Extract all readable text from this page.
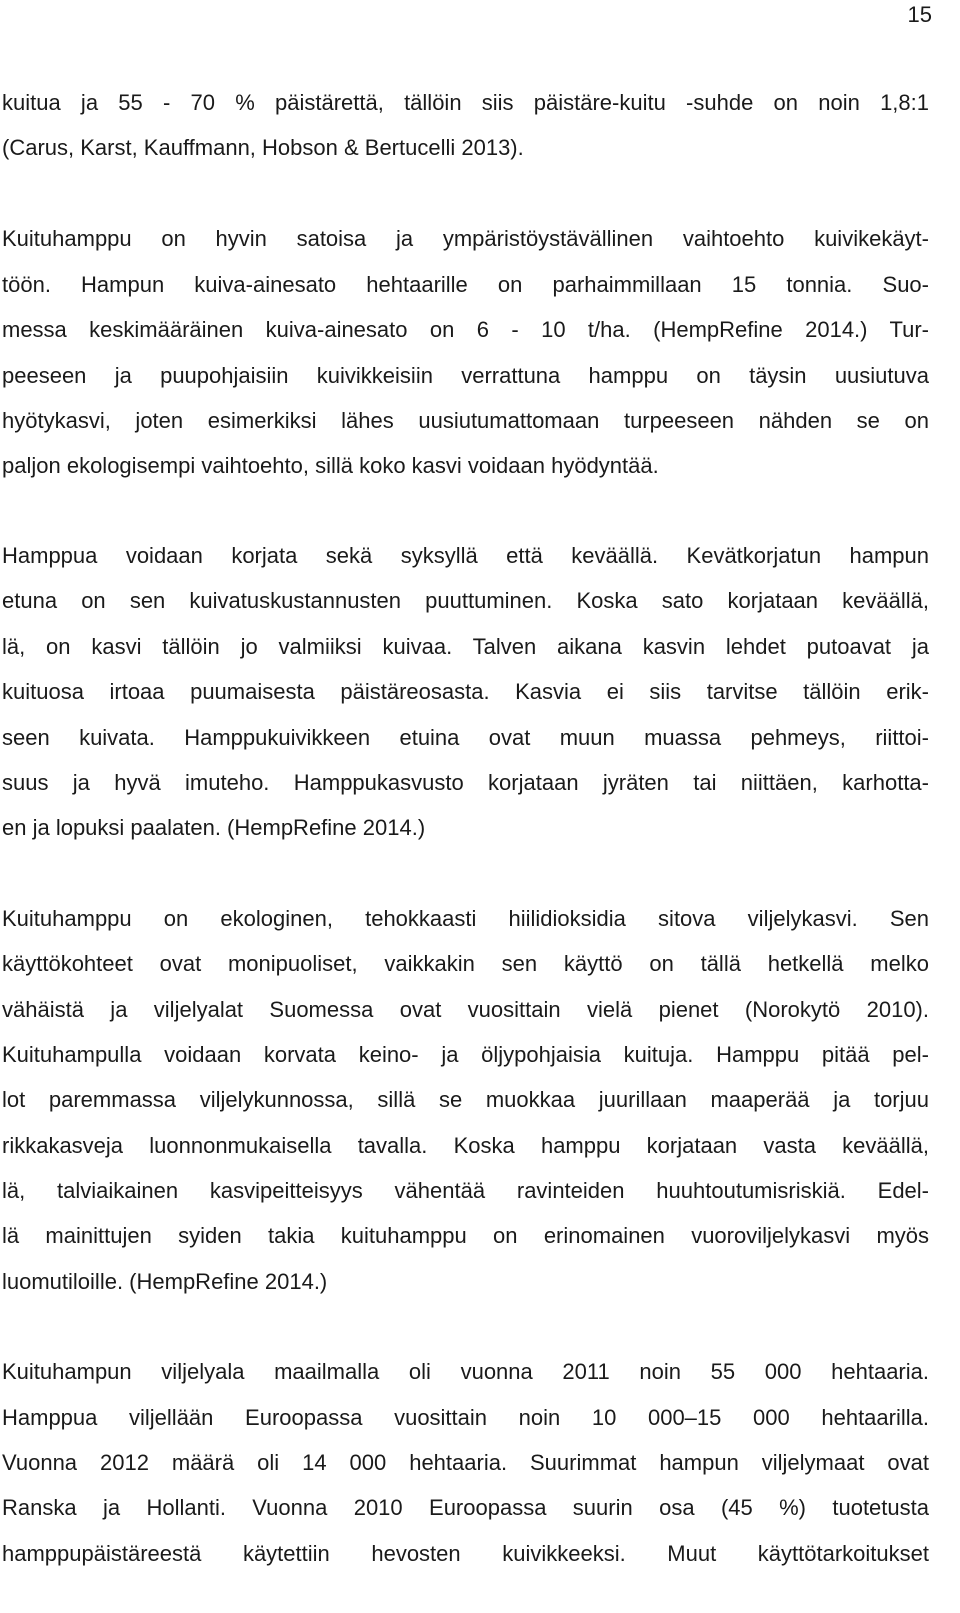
15
kuitua ja 55 - 70 % päistärettä, tällöin siis päistäre-kuitu -suhde on noin 1,8:1
(Carus, Karst, Kauffmann, Hobson & Bertucelli 2013).
Kuituhamppu on hyvin satoisa ja ympäristöystävällinen vaihtoehto kuivikekäyt-
töön. Hampun kuiva-ainesato hehtaarille on parhaimmillaan 15 tonnia. Suo-
messa keskimääräinen kuiva-ainesato on 6 - 10 t/ha. (HempRefine 2014.) Tur-
peeseen ja puupohjaisiin kuivikkeisiin verrattuna hamppu on täysin uusiutuva
hyötykasvi, joten esimerkiksi lähes uusiutumattomaan turpeeseen nähden se on
paljon ekologisempi vaihtoehto, sillä koko kasvi voidaan hyödyntää.
Hamppua voidaan korjata sekä syksyllä että keväällä. Kevätkorjatun hampun
etuna on sen kuivatuskustannusten puuttuminen. Koska sato korjataan keväällä,
lä, on kasvi tällöin jo valmiiksi kuivaa. Talven aikana kasvin lehdet putoavat ja
kuituosa irtoaa puumaisesta päistäreosasta. Kasvia ei siis tarvitse tällöin erik-
seen kuivata. Hamppukuivikkeen etuina ovat muun muassa pehmeys, riittoi-
suus ja hyvä imuteho. Hamppukasvusto korjataan jyräten tai niittäen, karhotta-
en ja lopuksi paalaten. (HempRefine 2014.)
Kuituhamppu on ekologinen, tehokkaasti hiilidioksidia sitova viljelykasvi. Sen
käyttökohteet ovat monipuoliset, vaikkakin sen käyttö on tällä hetkellä melko
vähäistä ja viljelyalat Suomessa ovat vuosittain vielä pienet (Norokytö 2010).
Kuituhampulla voidaan korvata keino- ja öljypohjaisia kuituja. Hamppu pitää pel-
lot paremmassa viljelykunnossa, sillä se muokkaa juurillaan maaperää ja torjuu
rikkakasveja luonnonmukaisella tavalla. Koska hamppu korjataan vasta keväällä,
lä, talviaikainen kasvipeitteisyys vähentää ravinteiden huuhtoutumisriskiä. Edel-
lä mainittujen syiden takia kuituhamppu on erinomainen vuoroviljelykasvi myös
luomutiloille. (HempRefine 2014.)
Kuituhampun viljelyala maailmalla oli vuonna 2011 noin 55 000 hehtaaria.
Hamppua viljellään Euroopassa vuosittain noin 10 000–15 000 hehtaarilla.
Vuonna 2012 määrä oli 14 000 hehtaaria. Suurimmat hampun viljelymaat ovat
Ranska ja Hollanti. Vuonna 2010 Euroopassa suurin osa (45 %) tuotetusta
hamppupäistäreestä käytettiin hevosten kuivikkeeksi. Muut käyttötarkoitukset
